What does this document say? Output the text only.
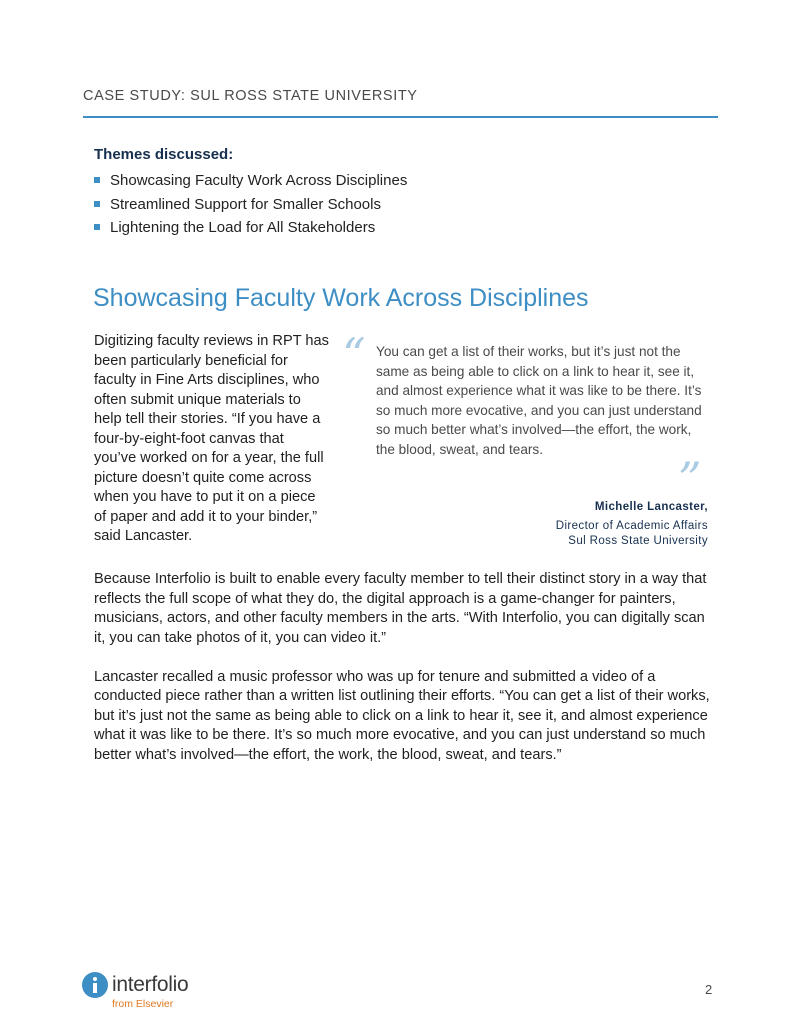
CASE STUDY: SUL ROSS STATE UNIVERSITY
Themes discussed:
Showcasing Faculty Work Across Disciplines
Streamlined Support for Smaller Schools
Lightening the Load for All Stakeholders
Showcasing Faculty Work Across Disciplines
Digitizing faculty reviews in RPT has been particularly beneficial for faculty in Fine Arts disciplines, who often submit unique materials to help tell their stories. “If you have a four-by-eight-foot canvas that you’ve worked on for a year, the full picture doesn’t quite come across when you have to put it on a piece of paper and add it to your binder,” said Lancaster.
“ You can get a list of their works, but it’s just not the same as being able to click on a link to hear it, see it, and almost experience what it was like to be there. It’s so much more evocative, and you can just understand so much better what’s involved—the effort, the work, the blood, sweat, and tears.
”
Michelle Lancaster,
Director of Academic Affairs
Sul Ross State University

Because Interfolio is built to enable every faculty member to tell their distinct story in a way that reflects the full scope of what they do, the digital approach is a game-changer for painters, musicians, actors, and other faculty members in the arts. “With Interfolio, you can digitally scan it, you can take photos of it, you can video it.”

Lancaster recalled a music professor who was up for tenure and submitted a video of a conducted piece rather than a written list outlining their efforts. “You can get a list of their works, but it’s just not the same as being able to click on a link to hear it, see it, and almost experience what it was like to be there. It’s so much more evocative, and you can just understand so much better what’s involved—the effort, the work, the blood, sweat, and tears.”

interfolio
from Elsevier
2
